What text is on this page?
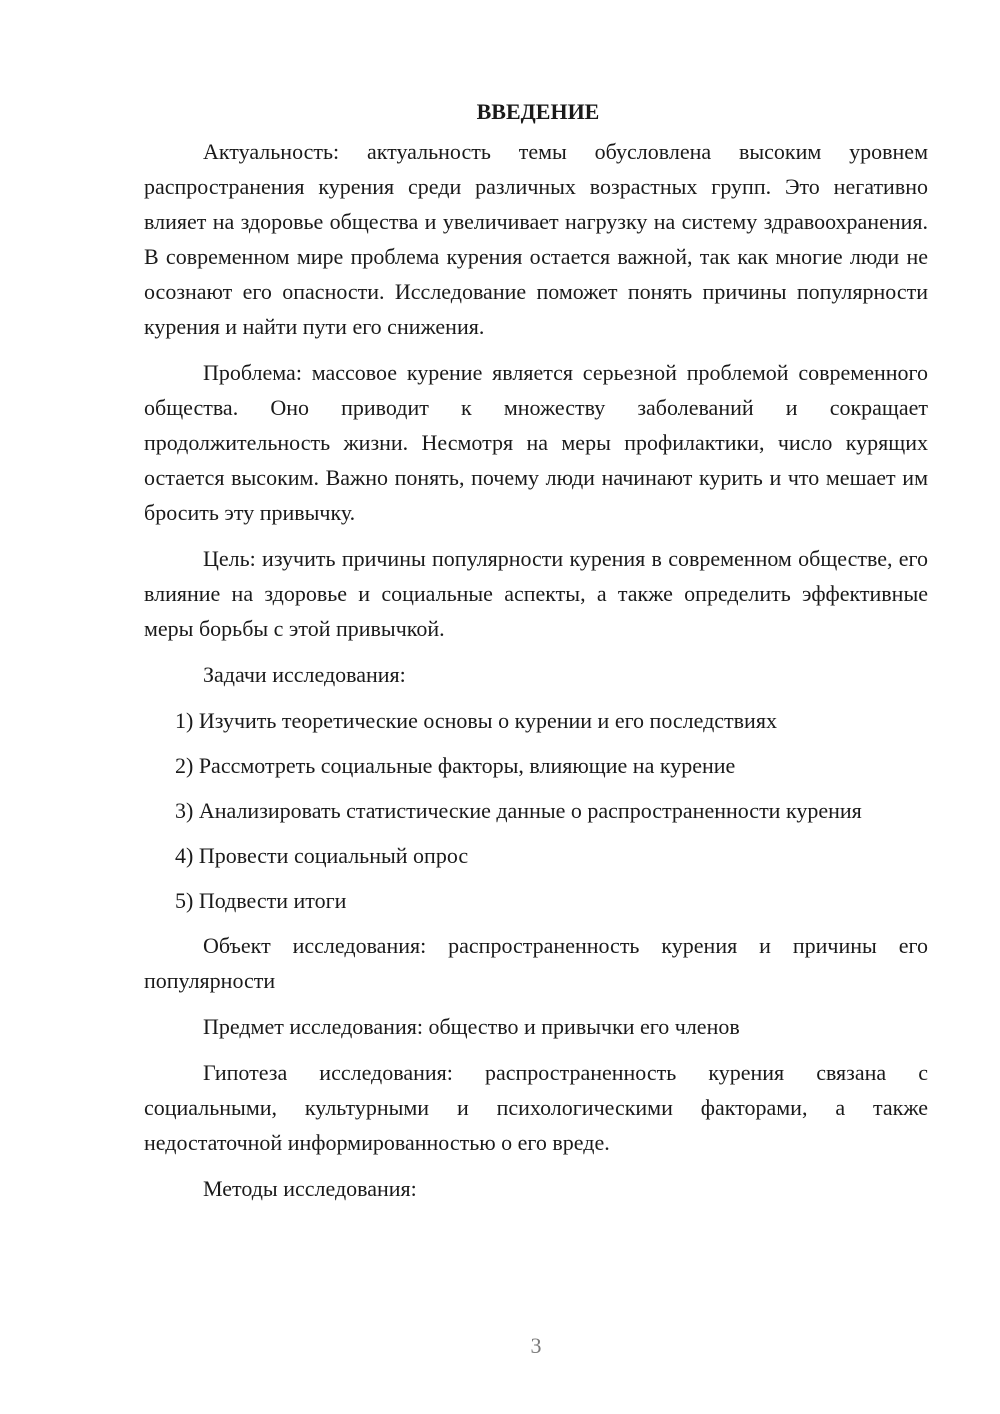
ВВЕДЕНИЕ

Актуальность: актуальность темы обусловлена высоким уровнем распространения курения среди различных возрастных групп. Это негативно влияет на здоровье общества и увеличивает нагрузку на систему здравоохранения. В современном мире проблема курения остается важной, так как многие люди не осознают его опасности. Исследование поможет понять причины популярности курения и найти пути его снижения.

Проблема: массовое курение является серьезной проблемой современного общества. Оно приводит к множеству заболеваний и сокращает продолжительность жизни. Несмотря на меры профилактики, число курящих остается высоким. Важно понять, почему люди начинают курить и что мешает им бросить эту привычку.

Цель: изучить причины популярности курения в современном обществе, его влияние на здоровье и социальные аспекты, а также определить эффективные меры борьбы с этой привычкой.

Задачи исследования:

1) Изучить теоретические основы о курении и его последствиях

2) Рассмотреть социальные факторы, влияющие на курение

3) Анализировать статистические данные о распространенности курения

4) Провести социальный опрос

5) Подвести итоги

Объект исследования: распространенность курения и причины его популярности

Предмет исследования: общество и привычки его членов

Гипотеза исследования: распространенность курения связана с социальными, культурными и психологическими факторами, а также недостаточной информированностью о его вреде.

Методы исследования:

3
